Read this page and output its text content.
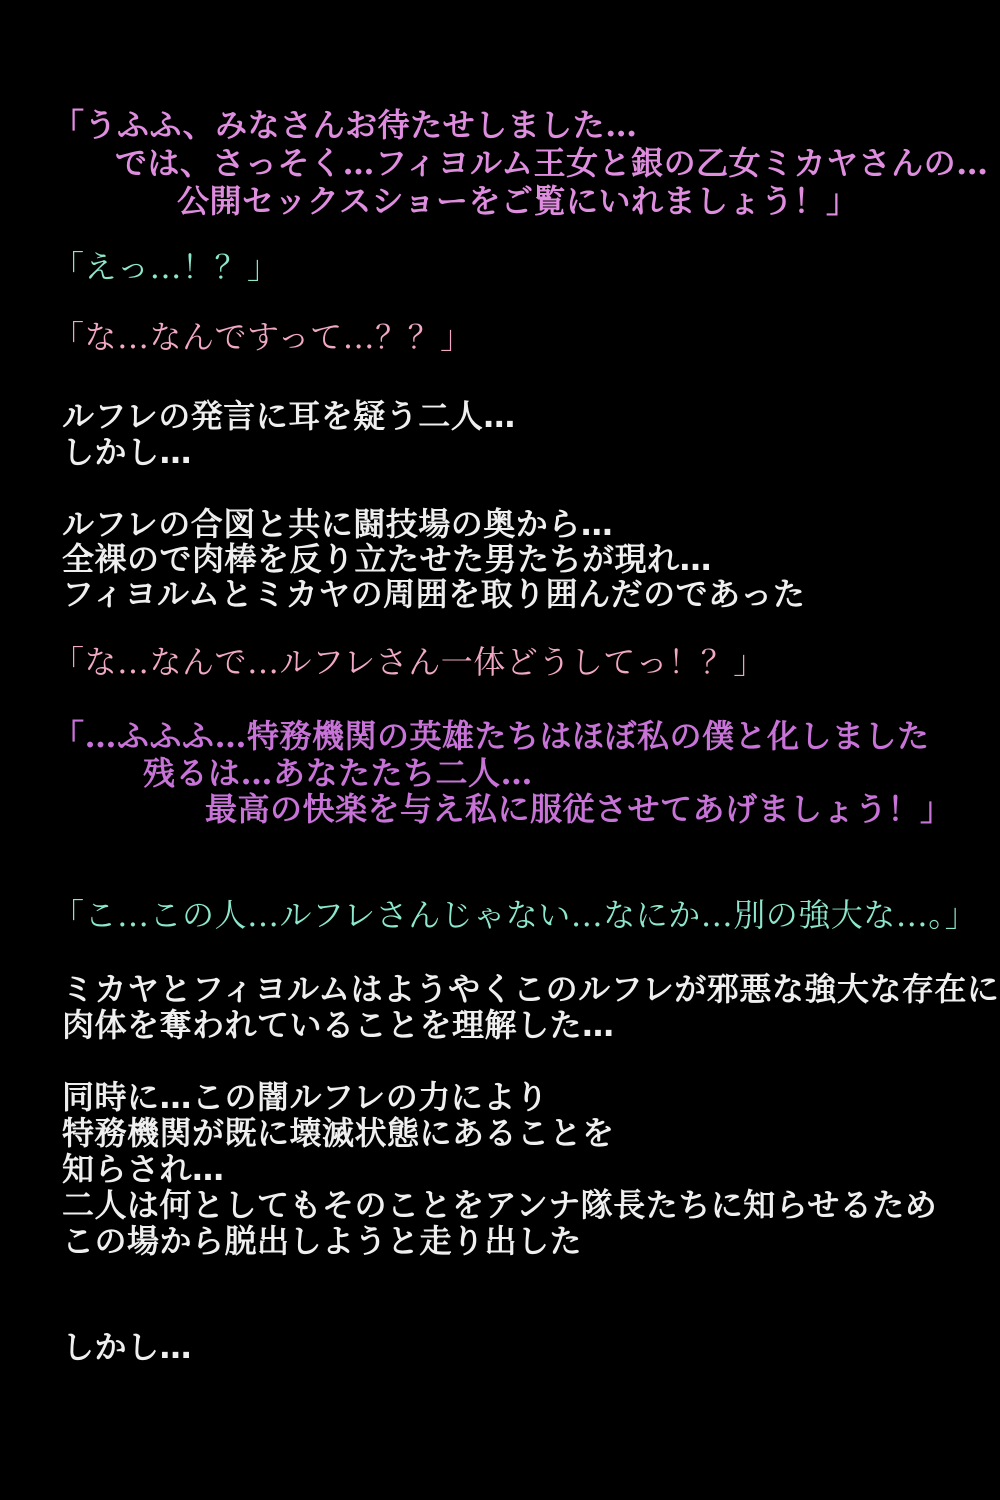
「うふふ、みなさんお待たせしました…
では、さっそく…フィヨルム王女と銀の乙女ミカヤさんの…
公開セックスショーをご覧にいれましょう！」
「えっ…！？」
「な…なんですって…？？」
ルフレの発言に耳を疑う二人…
しかし…
ルフレの合図と共に闘技場の奥から…
全裸ので肉棒を反り立たせた男たちが現れ…
フィヨルムとミカヤの周囲を取り囲んだのであった
「な…なんで…ルフレさん一体どうしてっ！？」
「…ふふふ…特務機関の英雄たちはほぼ私の僕と化しました
残るは…あなたたち二人…
最高の快楽を与え私に服従させてあげましょう！」
「こ…この人…ルフレさんじゃない…なにか…別の強大な…。」
ミカヤとフィヨルムはようやくこのルフレが邪悪な強大な存在に
肉体を奪われていることを理解した…
同時に…この闇ルフレの力により
特務機関が既に壊滅状態にあることを
知らされ…
二人は何としてもそのことをアンナ隊長たちに知らせるため
この場から脱出しようと走り出した
しかし…
